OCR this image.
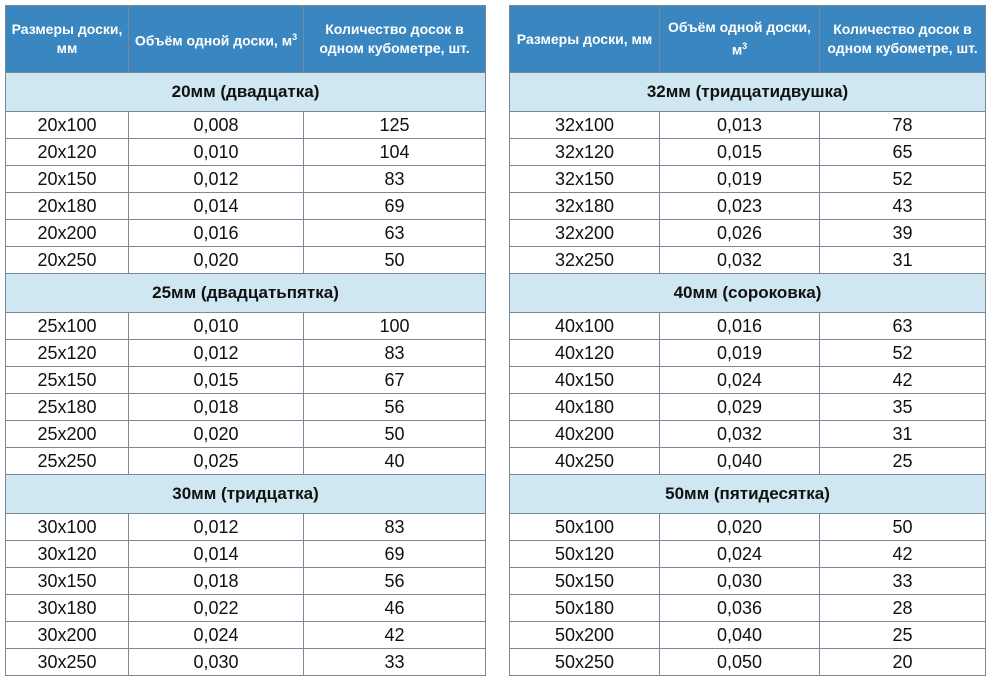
Размеры доски, мм	Объём одной доски, $м^3$	Количество досок в одном кубометре, шт.
20мм (двадцатка)		
20x100	0,008	125
20x120	0,010	104
20x150	0,012	83
20x180	0,014	69
20x200	0,016	63
20x250	0,020	50
25мм (двадцатьпятка)		
25x100	0,010	100
25x120	0,012	83
25x150	0,015	67
25x180	0,018	56
25x200	0,020	50
25x250	0,025	40
30мм (тридцатка)		
30x100	0,012	83
30x120	0,014	69
30x150	0,018	56
30x180	0,022	46
30x200	0,024	42
30x250	0,030	33
Размеры доски, мм	Объём одной доски, $м^3$	Количество досок в одном кубометре, шт.
32мм (тридцатидвушка)		
32x100	0,013	78
32x120	0,015	65
32x150	0,019	52
32x180	0,023	43
32x200	0,026	39
32x250	0,032	31
40мм (сороковка)		
40x100	0,016	63
40x120	0,019	52
40x150	0,024	42
40x180	0,029	35
40x200	0,032	31
40x250	0,040	25
50мм (пятидесятка)		
50x100	0,020	50
50x120	0,024	42
50x150	0,030	33
50x180	0,036	28
50x200	0,040	25
50x250	0,050	20
